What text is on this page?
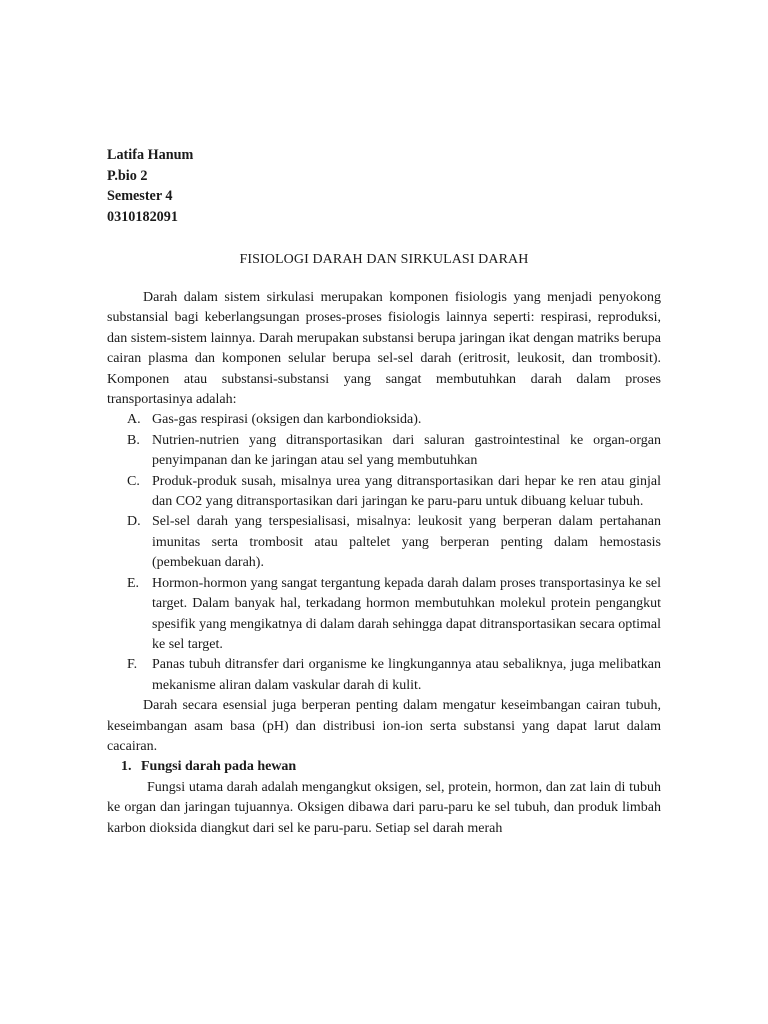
Latifa Hanum
P.bio 2
Semester 4
0310182091
FISIOLOGI DARAH DAN SIRKULASI DARAH

Darah dalam sistem sirkulasi merupakan komponen fisiologis yang menjadi penyokong substansial bagi keberlangsungan proses-proses fisiologis lainnya seperti: respirasi, reproduksi, dan sistem-sistem lainnya. Darah merupakan substansi berupa jaringan ikat dengan matriks berupa cairan plasma dan komponen selular berupa sel-sel darah (eritrosit, leukosit, dan trombosit). Komponen atau substansi-substansi yang sangat membutuhkan darah dalam proses transportasinya adalah:

A. Gas-gas respirasi (oksigen dan karbondioksida).
B. Nutrien-nutrien yang ditransportasikan dari saluran gastrointestinal ke organ-organ penyimpanan dan ke jaringan atau sel yang membutuhkan
C. Produk-produk susah, misalnya urea yang ditransportasikan dari hepar ke ren atau ginjal dan CO2 yang ditransportasikan dari jaringan ke paru-paru untuk dibuang keluar tubuh.
D. Sel-sel darah yang terspesialisasi, misalnya: leukosit yang berperan dalam pertahanan imunitas serta trombosit atau paltelet yang berperan penting dalam hemostasis (pembekuan darah).
E. Hormon-hormon yang sangat tergantung kepada darah dalam proses transportasinya ke sel target. Dalam banyak hal, terkadang hormon membutuhkan molekul protein pengangkut spesifik yang mengikatnya di dalam darah sehingga dapat ditransportasikan secara optimal ke sel target.
F. Panas tubuh ditransfer dari organisme ke lingkungannya atau sebaliknya, juga melibatkan mekanisme aliran dalam vaskular darah di kulit.

Darah secara esensial juga berperan penting dalam mengatur keseimbangan cairan tubuh, keseimbangan asam basa (pH) dan distribusi ion-ion serta substansi yang dapat larut dalam cacairan.

1. Fungsi darah pada hewan

Fungsi utama darah adalah mengangkut oksigen, sel, protein, hormon, dan zat lain di tubuh ke organ dan jaringan tujuannya. Oksigen dibawa dari paru-paru ke sel tubuh, dan produk limbah karbon dioksida diangkut dari sel ke paru-paru. Setiap sel darah merah
